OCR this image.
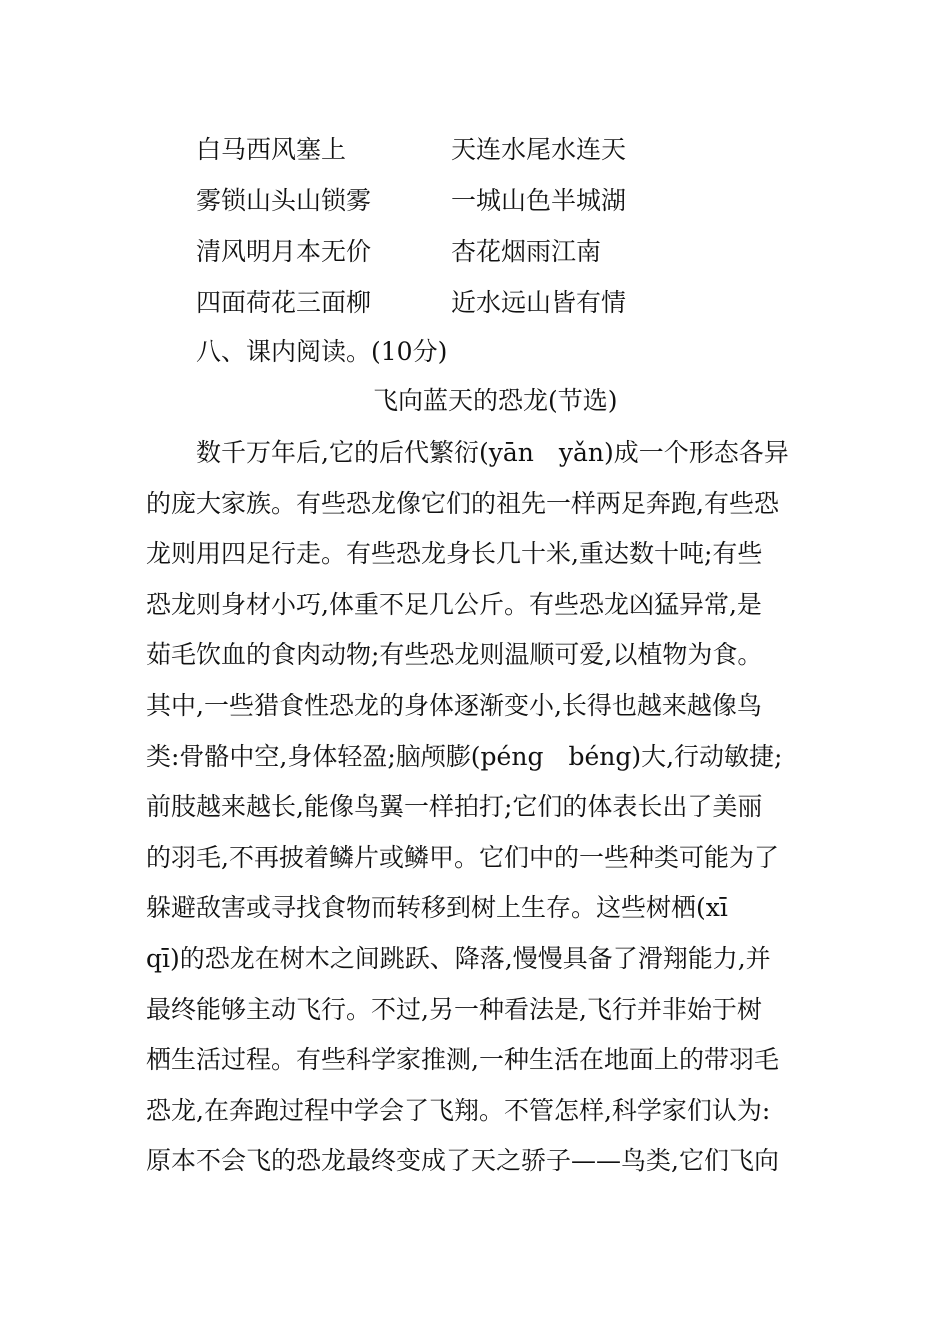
白马西风塞上	天连水尾水连天
雾锁山头山锁雾	一城山色半城湖
清风明月本无价	杏花烟雨江南
四面荷花三面柳	近水远山皆有情
八、课内阅读。(10分)
飞向蓝天的恐龙(节选)
数千万年后,它的后代繁衍(yān　yǎn)成一个形态各异
的庞大家族。有些恐龙像它们的祖先一样两足奔跑,有些恐
龙则用四足行走。有些恐龙身长几十米,重达数十吨;有些
恐龙则身材小巧,体重不足几公斤。有些恐龙凶猛异常,是
茹毛饮血的食肉动物;有些恐龙则温顺可爱,以植物为食。
其中,一些猎食性恐龙的身体逐渐变小,长得也越来越像鸟
类:骨骼中空,身体轻盈;脑颅膨(péng　béng)大,行动敏捷;
前肢越来越长,能像鸟翼一样拍打;它们的体表长出了美丽
的羽毛,不再披着鳞片或鳞甲。它们中的一些种类可能为了
躲避敌害或寻找食物而转移到树上生存。这些树栖(xī
qī)的恐龙在树木之间跳跃、降落,慢慢具备了滑翔能力,并
最终能够主动飞行。不过,另一种看法是,飞行并非始于树
栖生活过程。有些科学家推测,一种生活在地面上的带羽毛
恐龙,在奔跑过程中学会了飞翔。不管怎样,科学家们认为:
原本不会飞的恐龙最终变成了天之骄子——鸟类,它们飞向
